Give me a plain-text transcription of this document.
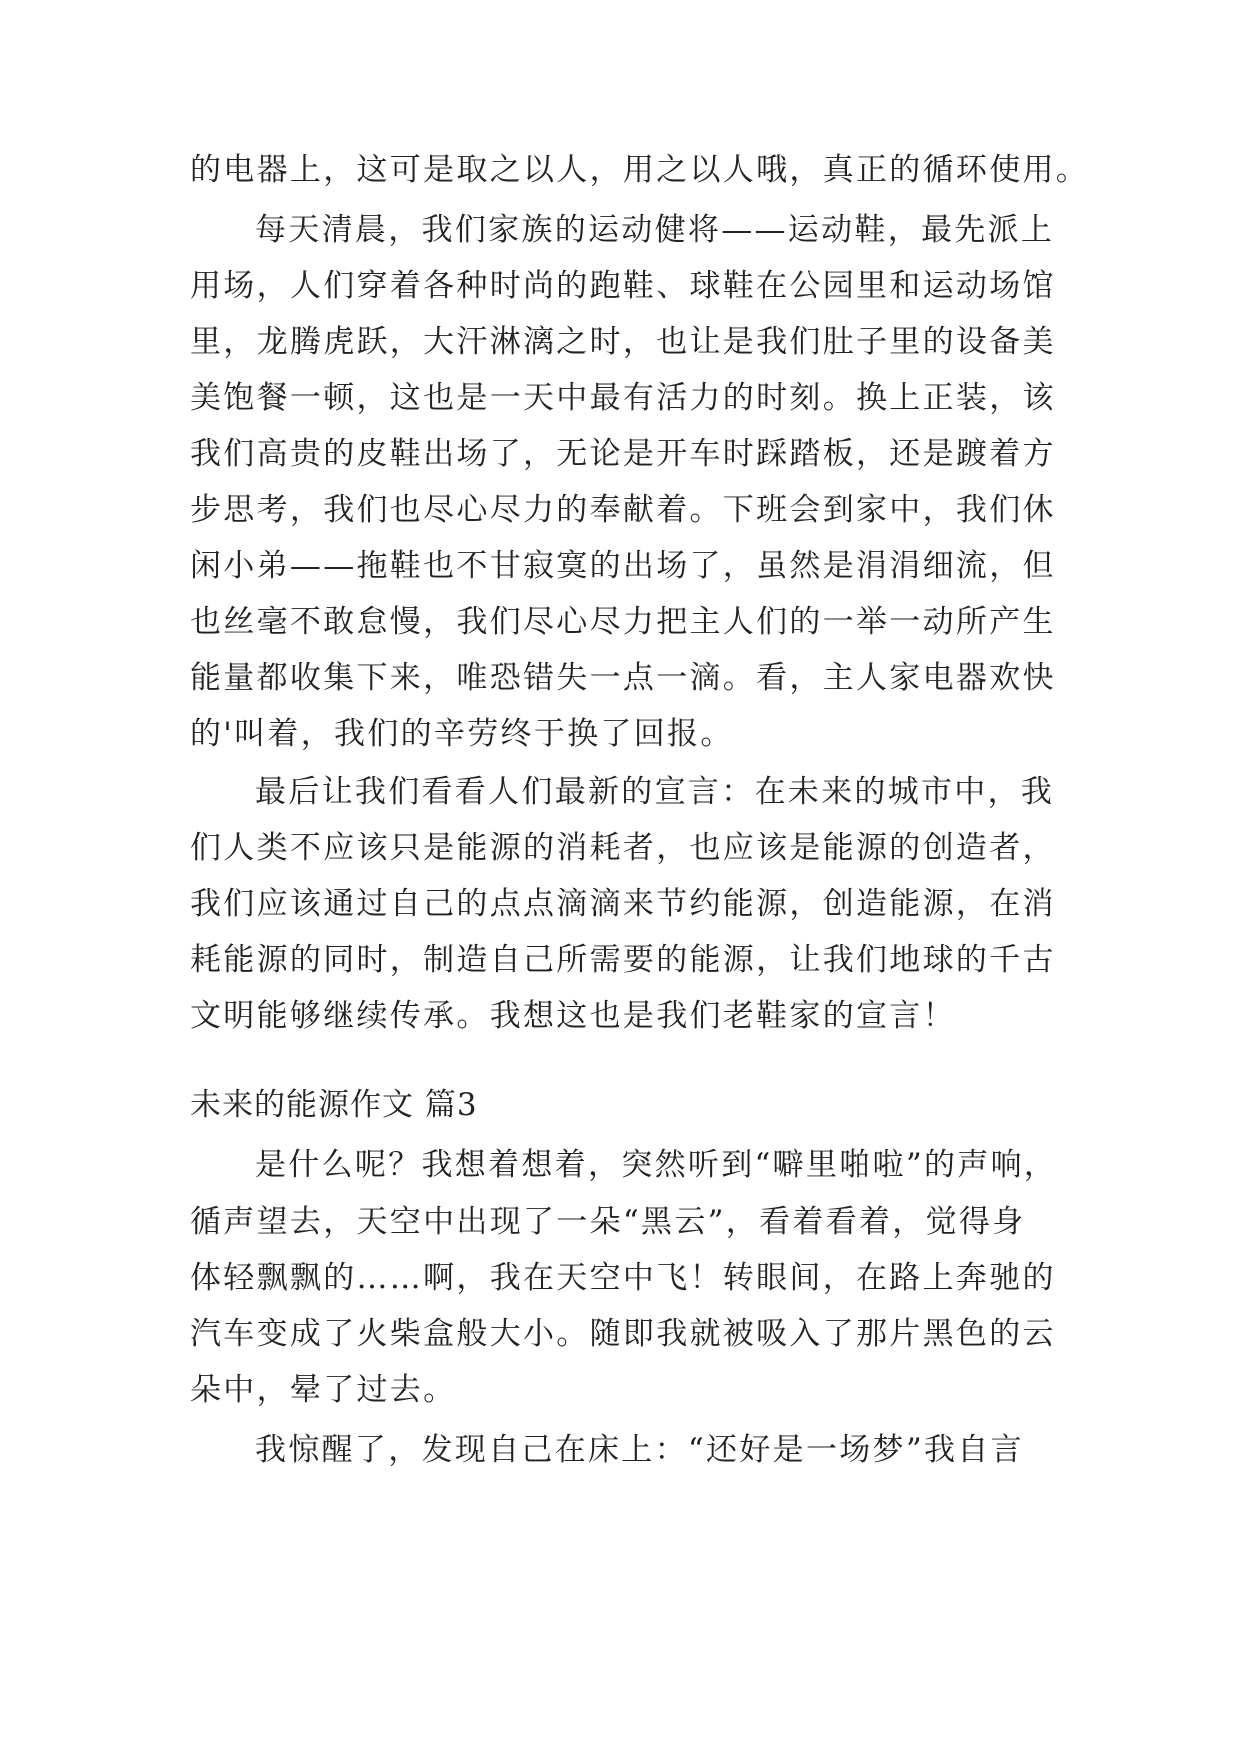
的电器上，这可是取之以人，用之以人哦，真正的循环使用。
每天清晨，我们家族的运动健将——运动鞋，最先派上
用场，人们穿着各种时尚的跑鞋、球鞋在公园里和运动场馆
里，龙腾虎跃，大汗淋漓之时，也让是我们肚子里的设备美
美饱餐一顿，这也是一天中最有活力的时刻。换上正装，该
我们高贵的皮鞋出场了，无论是开车时踩踏板，还是踱着方
步思考，我们也尽心尽力的奉献着。下班会到家中，我们休
闲小弟——拖鞋也不甘寂寞的出场了，虽然是涓涓细流，但
也丝毫不敢怠慢，我们尽心尽力把主人们的一举一动所产生
能量都收集下来，唯恐错失一点一滴。看，主人家电器欢快
的'叫着，我们的辛劳终于换了回报。
最后让我们看看人们最新的宣言：在未来的城市中，我
们人类不应该只是能源的消耗者，也应该是能源的创造者，
我们应该通过自己的点点滴滴来节约能源，创造能源，在消
耗能源的同时，制造自己所需要的能源，让我们地球的千古
文明能够继续传承。我想这也是我们老鞋家的宣言！
未来的能源作文 篇3
是什么呢？我想着想着，突然听到“噼里啪啦”的声响，
循声望去，天空中出现了一朵“黑云”，看着看着，觉得身
体轻飘飘的……啊，我在天空中飞！转眼间，在路上奔驰的
汽车变成了火柴盒般大小。随即我就被吸入了那片黑色的云
朵中，晕了过去。
我惊醒了，发现自己在床上：“还好是一场梦”我自言
